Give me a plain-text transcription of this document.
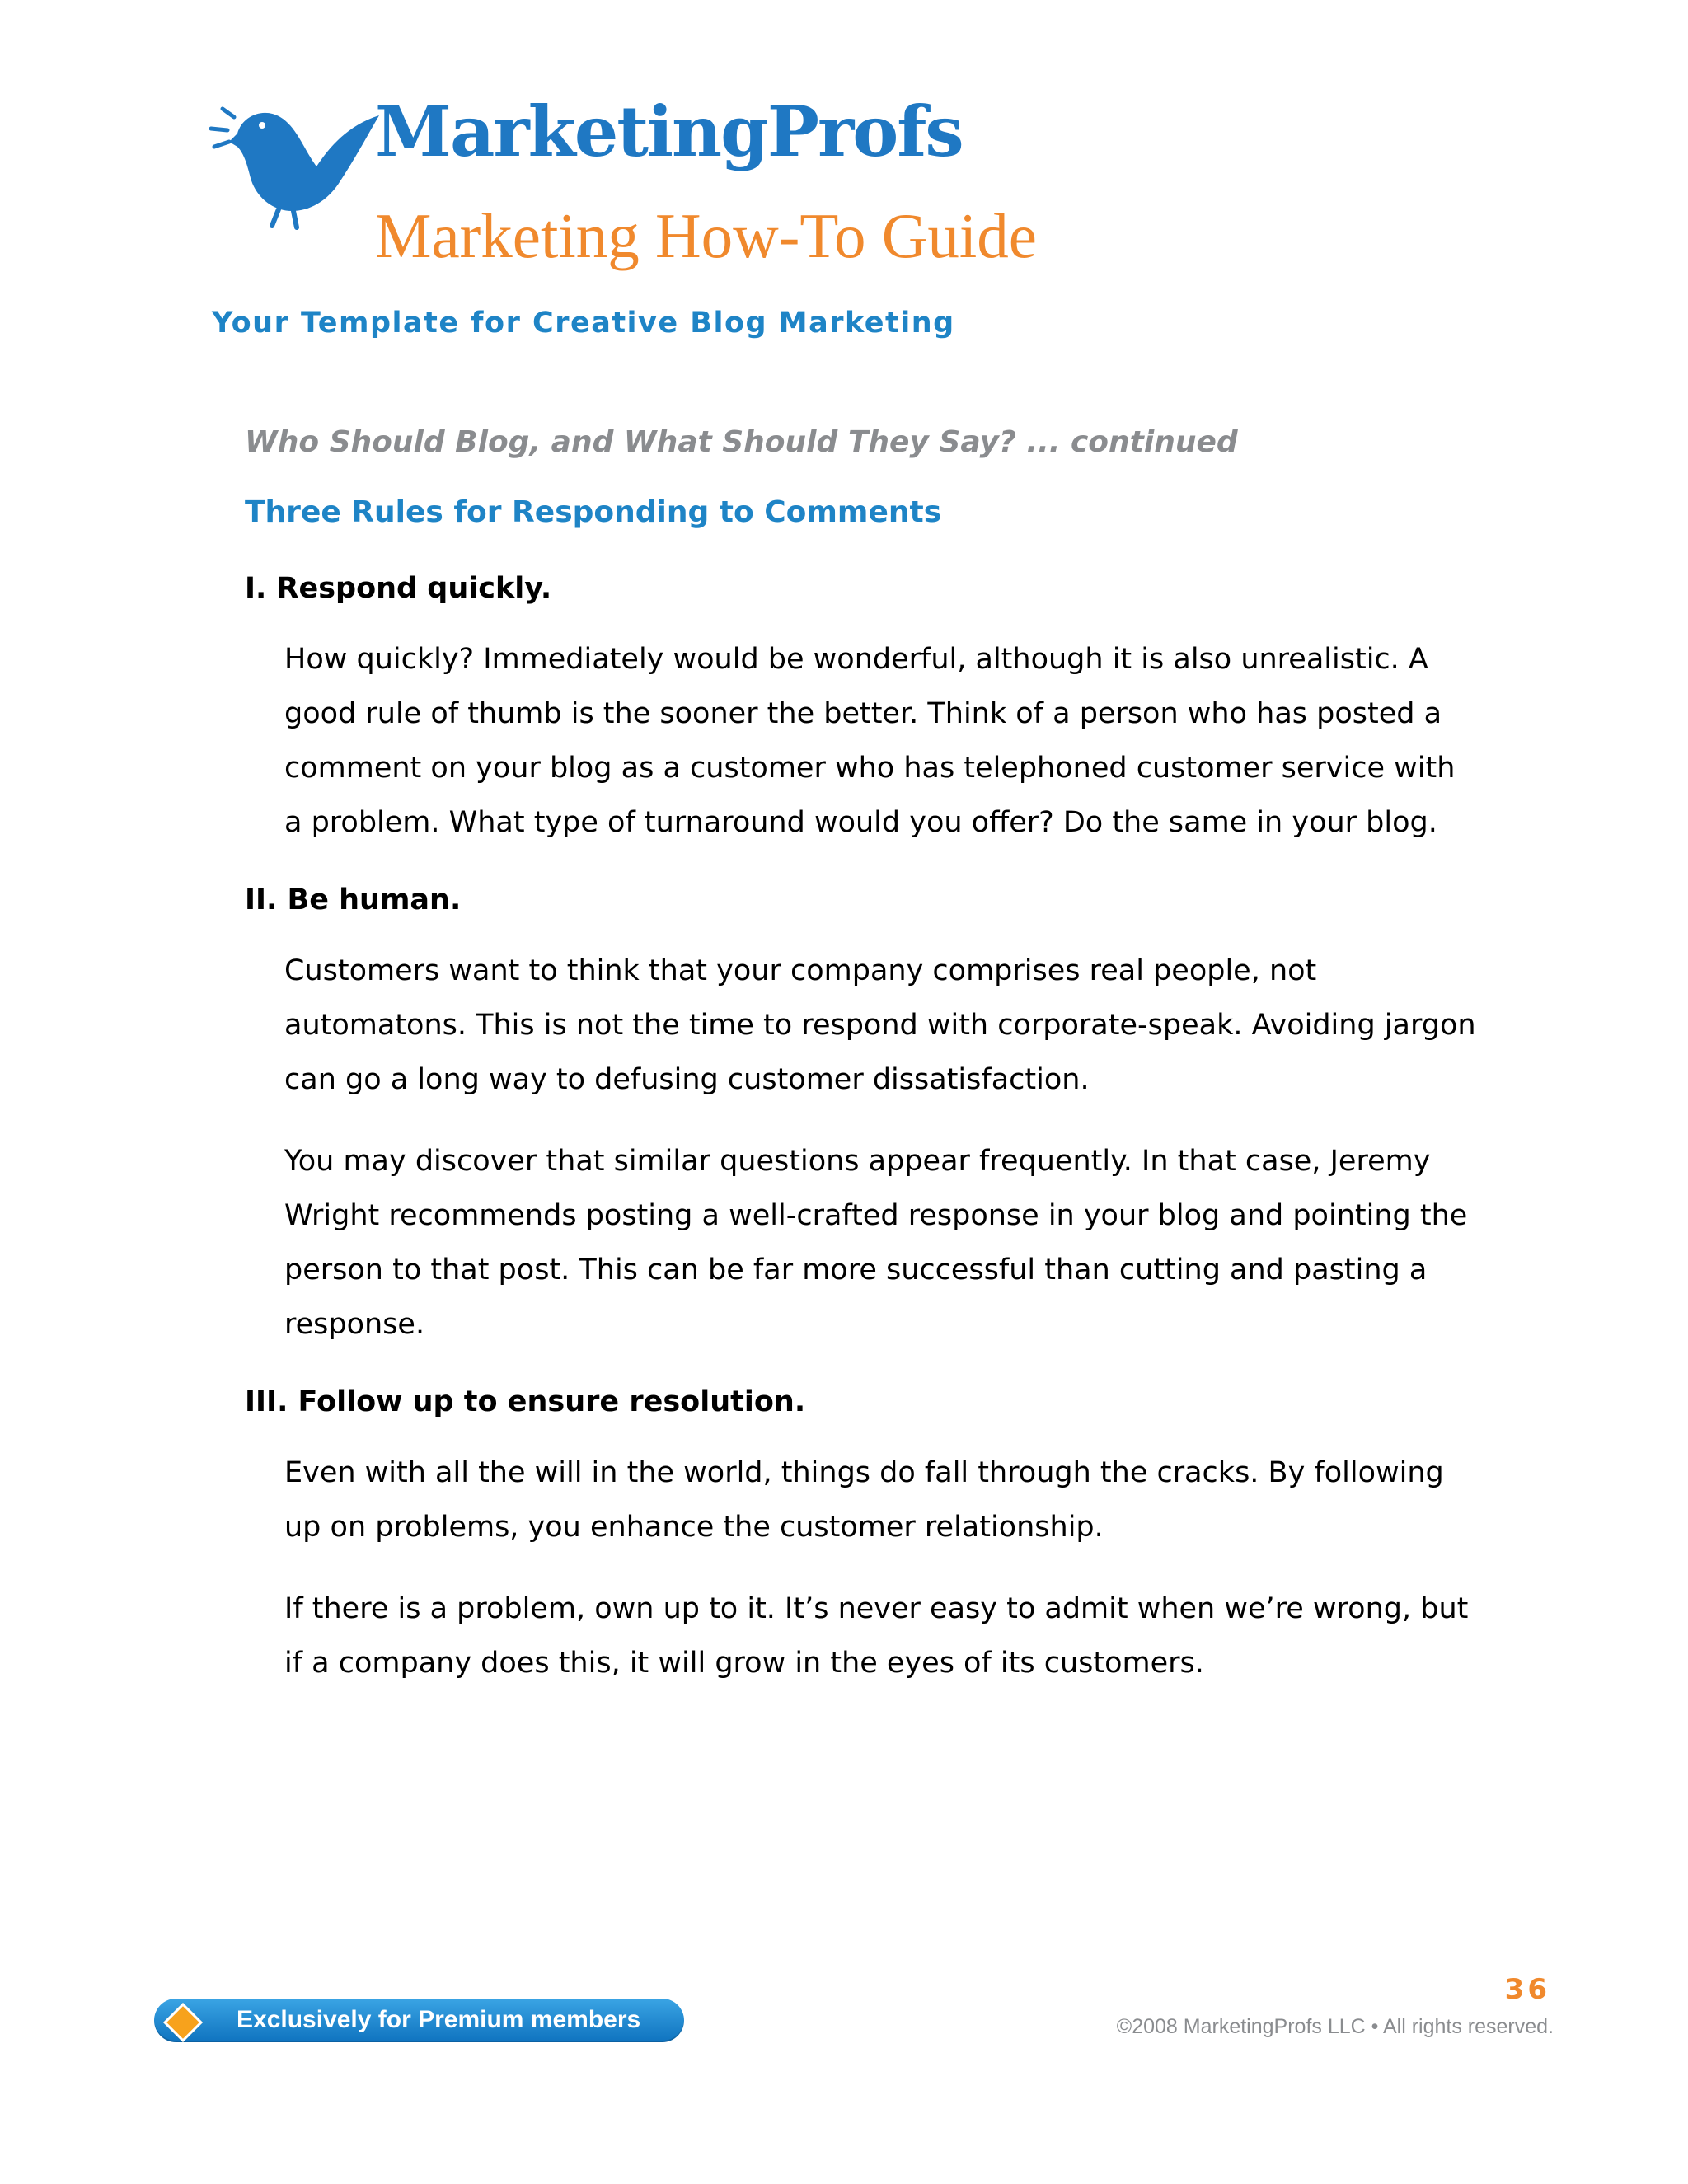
MarketingProfs
Marketing How-To Guide
Your Template for Creative Blog Marketing

Who Should Blog, and What Should They Say? ... continued

Three Rules for Responding to Comments
I. Respond quickly.

How quickly? Immediately would be wonderful, although it is also unrealistic. A good rule of thumb is the sooner the better. Think of a person who has posted a comment on your blog as a customer who has telephoned customer service with a problem. What type of turnaround would you offer? Do the same in your blog.

II. Be human.

Customers want to think that your company comprises real people, not automatons. This is not the time to respond with corporate-speak. Avoiding jargon can go a long way to defusing customer dissatisfaction.

You may discover that similar questions appear frequently. In that case, Jeremy Wright recommends posting a well-crafted response in your blog and pointing the person to that post. This can be far more successful than cutting and pasting a response.

III. Follow up to ensure resolution.

Even with all the will in the world, things do fall through the cracks. By following up on problems, you enhance the customer relationship.

If there is a problem, own up to it. It’s never easy to admit when we’re wrong, but if a company does this, it will grow in the eyes of its customers.

Exclusively for Premium members
36
©2008 MarketingProfs LLC • All rights reserved.
